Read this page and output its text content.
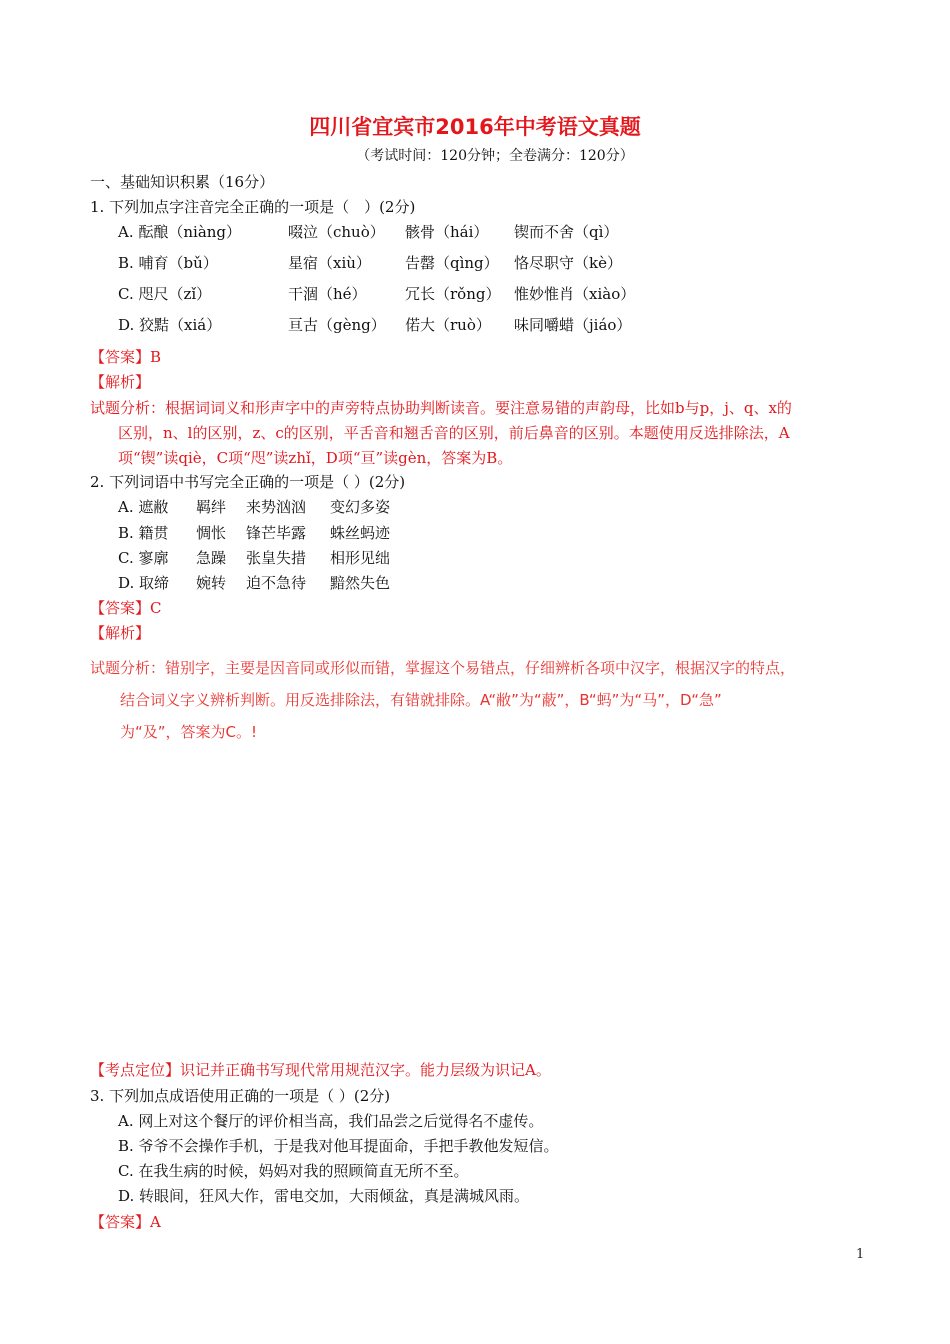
四川省宜宾市2016年中考语文真题
（考试时间：120分钟；全卷满分：120分）
一、基础知识积累（16分）
1. 下列加点字注音完全正确的一项是（　）(2分)
A. 酝酿（niàng）	啜泣（chuò） 骸骨（hái） 锲而不舍（qì）
B. 哺育（bǔ）	星宿（xiù） 告罄（qìng） 恪尽职守（kè）
C. 咫尺（zǐ）	干涸（hé）	冗长（rǒng） 惟妙惟肖（xiào）
D. 狡黠（xiá）	亘古（gèng） 偌大（ruò） 味同嚼蜡（jiáo）
【答案】B
【解析】
试题分析：根据词词义和形声字中的声旁特点协助判断读音。要注意易错的声韵母，比如b与p，j、q、x的
区别，n、l的区别，z、c的区别，平舌音和翘舌音的区别，前后鼻音的区别。本题使用反选排除法，A
项“锲”读qiè，C项“咫”读zhǐ，D项“亘”读gèn，答案为B。
2. 下列词语中书写完全正确的一项是（ ）(2分)
A. 遮敝 羁绊 来势汹汹 变幻多姿
B. 籍贯 惆怅 锋芒毕露 蛛丝蚂迹
C. 寥廓 急躁 张皇失措 相形见绌
D. 取缔 婉转 迫不急待 黯然失色
【答案】C
【解析】
试题分析：错别字，主要是因音同或形似而错，掌握这个易错点，仔细辨析各项中汉字，根据汉字的特点，
结合词义字义辨析判断。用反选排除法，有错就排除。A“敝”为“蔽”，B“蚂”为“马”，D“急”
为“及”，答案为C。!
【考点定位】识记并正确书写现代常用规范汉字。能力层级为识记A。
3. 下列加点成语使用正确的一项是（ ）(2分)
A. 网上对这个餐厅的评价相当高，我们品尝之后觉得名不虚传。
B. 爷爷不会操作手机，于是我对他耳提面命，手把手教他发短信。
C. 在我生病的时候，妈妈对我的照顾简直无所不至。
D. 转眼间，狂风大作，雷电交加，大雨倾盆，真是满城风雨。
【答案】A
1
